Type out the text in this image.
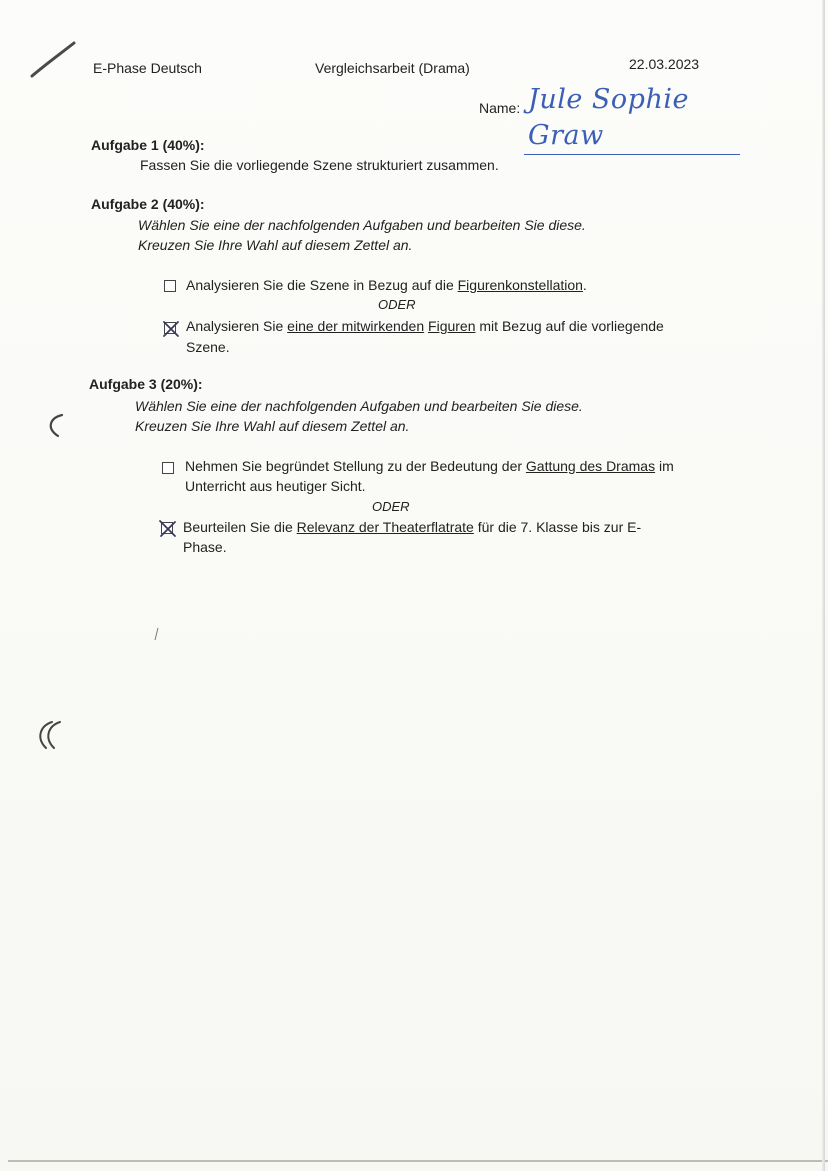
E-Phase Deutsch	Vergleichsarbeit (Drama)	22.03.2023
Name: Jule Sophie Graw
Aufgabe 1 (40%):
Fassen Sie die vorliegende Szene strukturiert zusammen.
Aufgabe 2 (40%):
Wählen Sie eine der nachfolgenden Aufgaben und bearbeiten Sie diese.
Kreuzen Sie Ihre Wahl auf diesem Zettel an.
Analysieren Sie die Szene in Bezug auf die Figurenkonstellation.
ODER
Analysieren Sie eine der mitwirkenden Figuren mit Bezug auf die vorliegende
Szene.
Aufgabe 3 (20%):
Wählen Sie eine der nachfolgenden Aufgaben und bearbeiten Sie diese.
Kreuzen Sie Ihre Wahl auf diesem Zettel an.
Nehmen Sie begründet Stellung zu der Bedeutung der Gattung des Dramas im
Unterricht aus heutiger Sicht.
ODER
Beurteilen Sie die Relevanz der Theaterflatrate für die 7. Klasse bis zur E-
Phase.
